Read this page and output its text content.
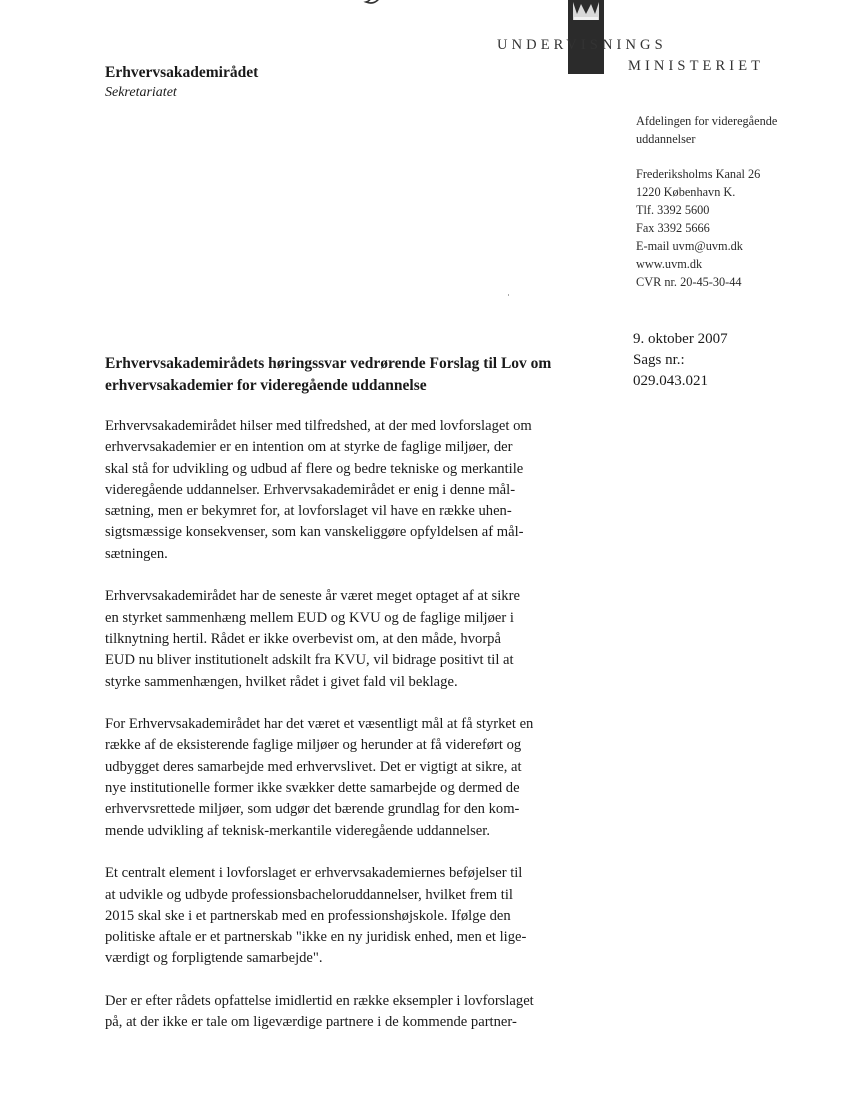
UNDERVISNINGS
MINISTERIET
Erhvervsakademirådet
Sekretariatet
Afdelingen for videregående
uddannelser
Frederiksholms Kanal 26
1220 København K.
Tlf. 3392 5600
Fax 3392 5666
E-mail uvm@uvm.dk
www.uvm.dk
CVR nr. 20-45-30-44
9. oktober 2007
Sags nr.:
029.043.021
Erhvervsakademirådets høringssvar vedrørende Forslag til Lov om
erhvervsakademier for videregående uddannelse

Erhvervsakademirådet hilser med tilfredshed, at der med lovforslaget om
erhvervsakademier er en intention om at styrke de faglige miljøer, der
skal stå for udvikling og udbud af flere og bedre tekniske og merkantile
videregående uddannelser. Erhvervsakademirådet er enig i denne mål-
sætning, men er bekymret for, at lovforslaget vil have en række uhen-
sigtsmæssige konsekvenser, som kan vanskeliggøre opfyldelsen af mål-
sætningen.

Erhvervsakademirådet har de seneste år været meget optaget af at sikre
en styrket sammenhæng mellem EUD og KVU og de faglige miljøer i
tilknytning hertil. Rådet er ikke overbevist om, at den måde, hvorpå
EUD nu bliver institutionelt adskilt fra KVU, vil bidrage positivt til at
styrke sammenhængen, hvilket rådet i givet fald vil beklage.

For Erhvervsakademirådet har det været et væsentligt mål at få styrket en
række af de eksisterende faglige miljøer og herunder at få videreført og
udbygget deres samarbejde med erhvervslivet. Det er vigtigt at sikre, at
nye institutionelle former ikke svækker dette samarbejde og dermed de
erhvervsrettede miljøer, som udgør det bærende grundlag for den kom-
mende udvikling af teknisk-merkantile videregående uddannelser.

Et centralt element i lovforslaget er erhvervsakademiernes beføjelser til
at udvikle og udbyde professionsbacheloruddannelser, hvilket frem til
2015 skal ske i et partnerskab med en professionshøjskole. Ifølge den
politiske aftale er et partnerskab "ikke en ny juridisk enhed, men et lige-
værdigt og forpligtende samarbejde".

Der er efter rådets opfattelse imidlertid en række eksempler i lovforslaget
på, at der ikke er tale om ligeværdige partnere i de kommende partner-
